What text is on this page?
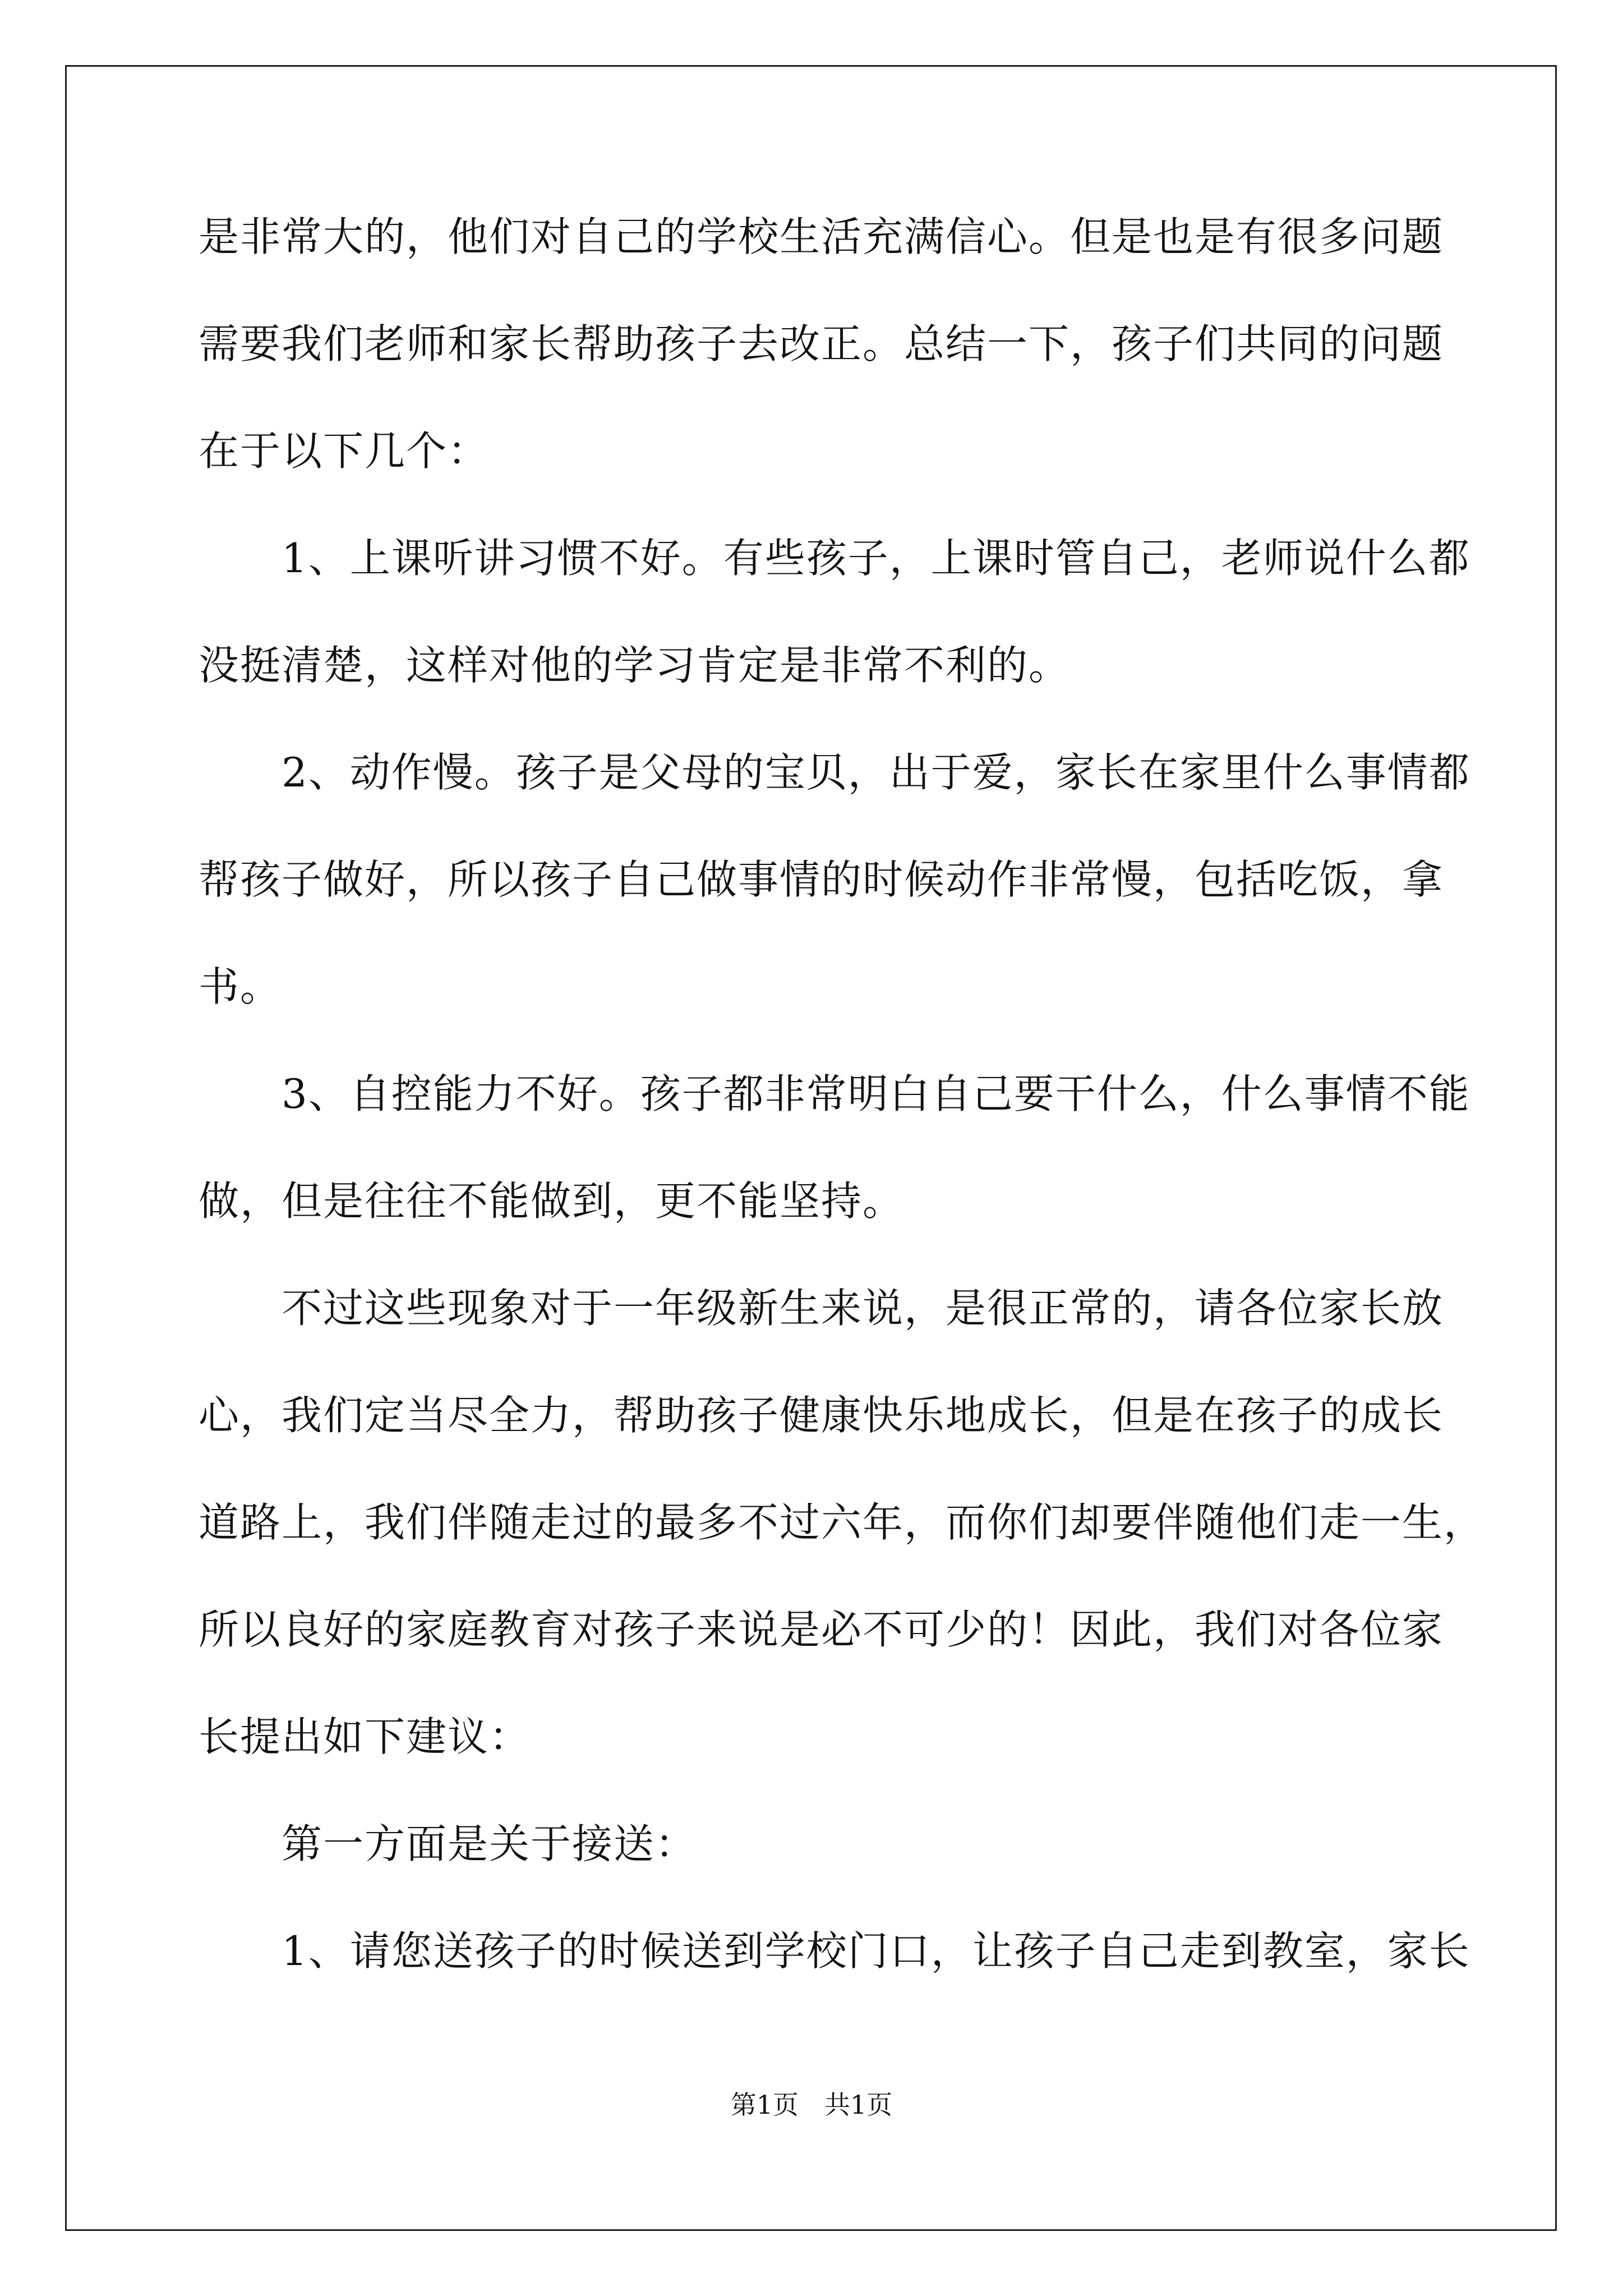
是非常大的，他们对自己的学校生活充满信心。但是也是有很多问题
需要我们老师和家长帮助孩子去改正。总结一下，孩子们共同的问题
在于以下几个：
1、上课听讲习惯不好。有些孩子，上课时管自己，老师说什么都
没挺清楚，这样对他的学习肯定是非常不利的。
2、动作慢。孩子是父母的宝贝，出于爱，家长在家里什么事情都
帮孩子做好，所以孩子自己做事情的时候动作非常慢，包括吃饭，拿
书。
3、自控能力不好。孩子都非常明白自己要干什么，什么事情不能
做，但是往往不能做到，更不能坚持。
不过这些现象对于一年级新生来说，是很正常的，请各位家长放
心，我们定当尽全力，帮助孩子健康快乐地成长，但是在孩子的成长
道路上，我们伴随走过的最多不过六年，而你们却要伴随他们走一生，
所以良好的家庭教育对孩子来说是必不可少的！因此，我们对各位家
长提出如下建议：
第一方面是关于接送：
1、请您送孩子的时候送到学校门口，让孩子自己走到教室，家长
第1页 共1页
